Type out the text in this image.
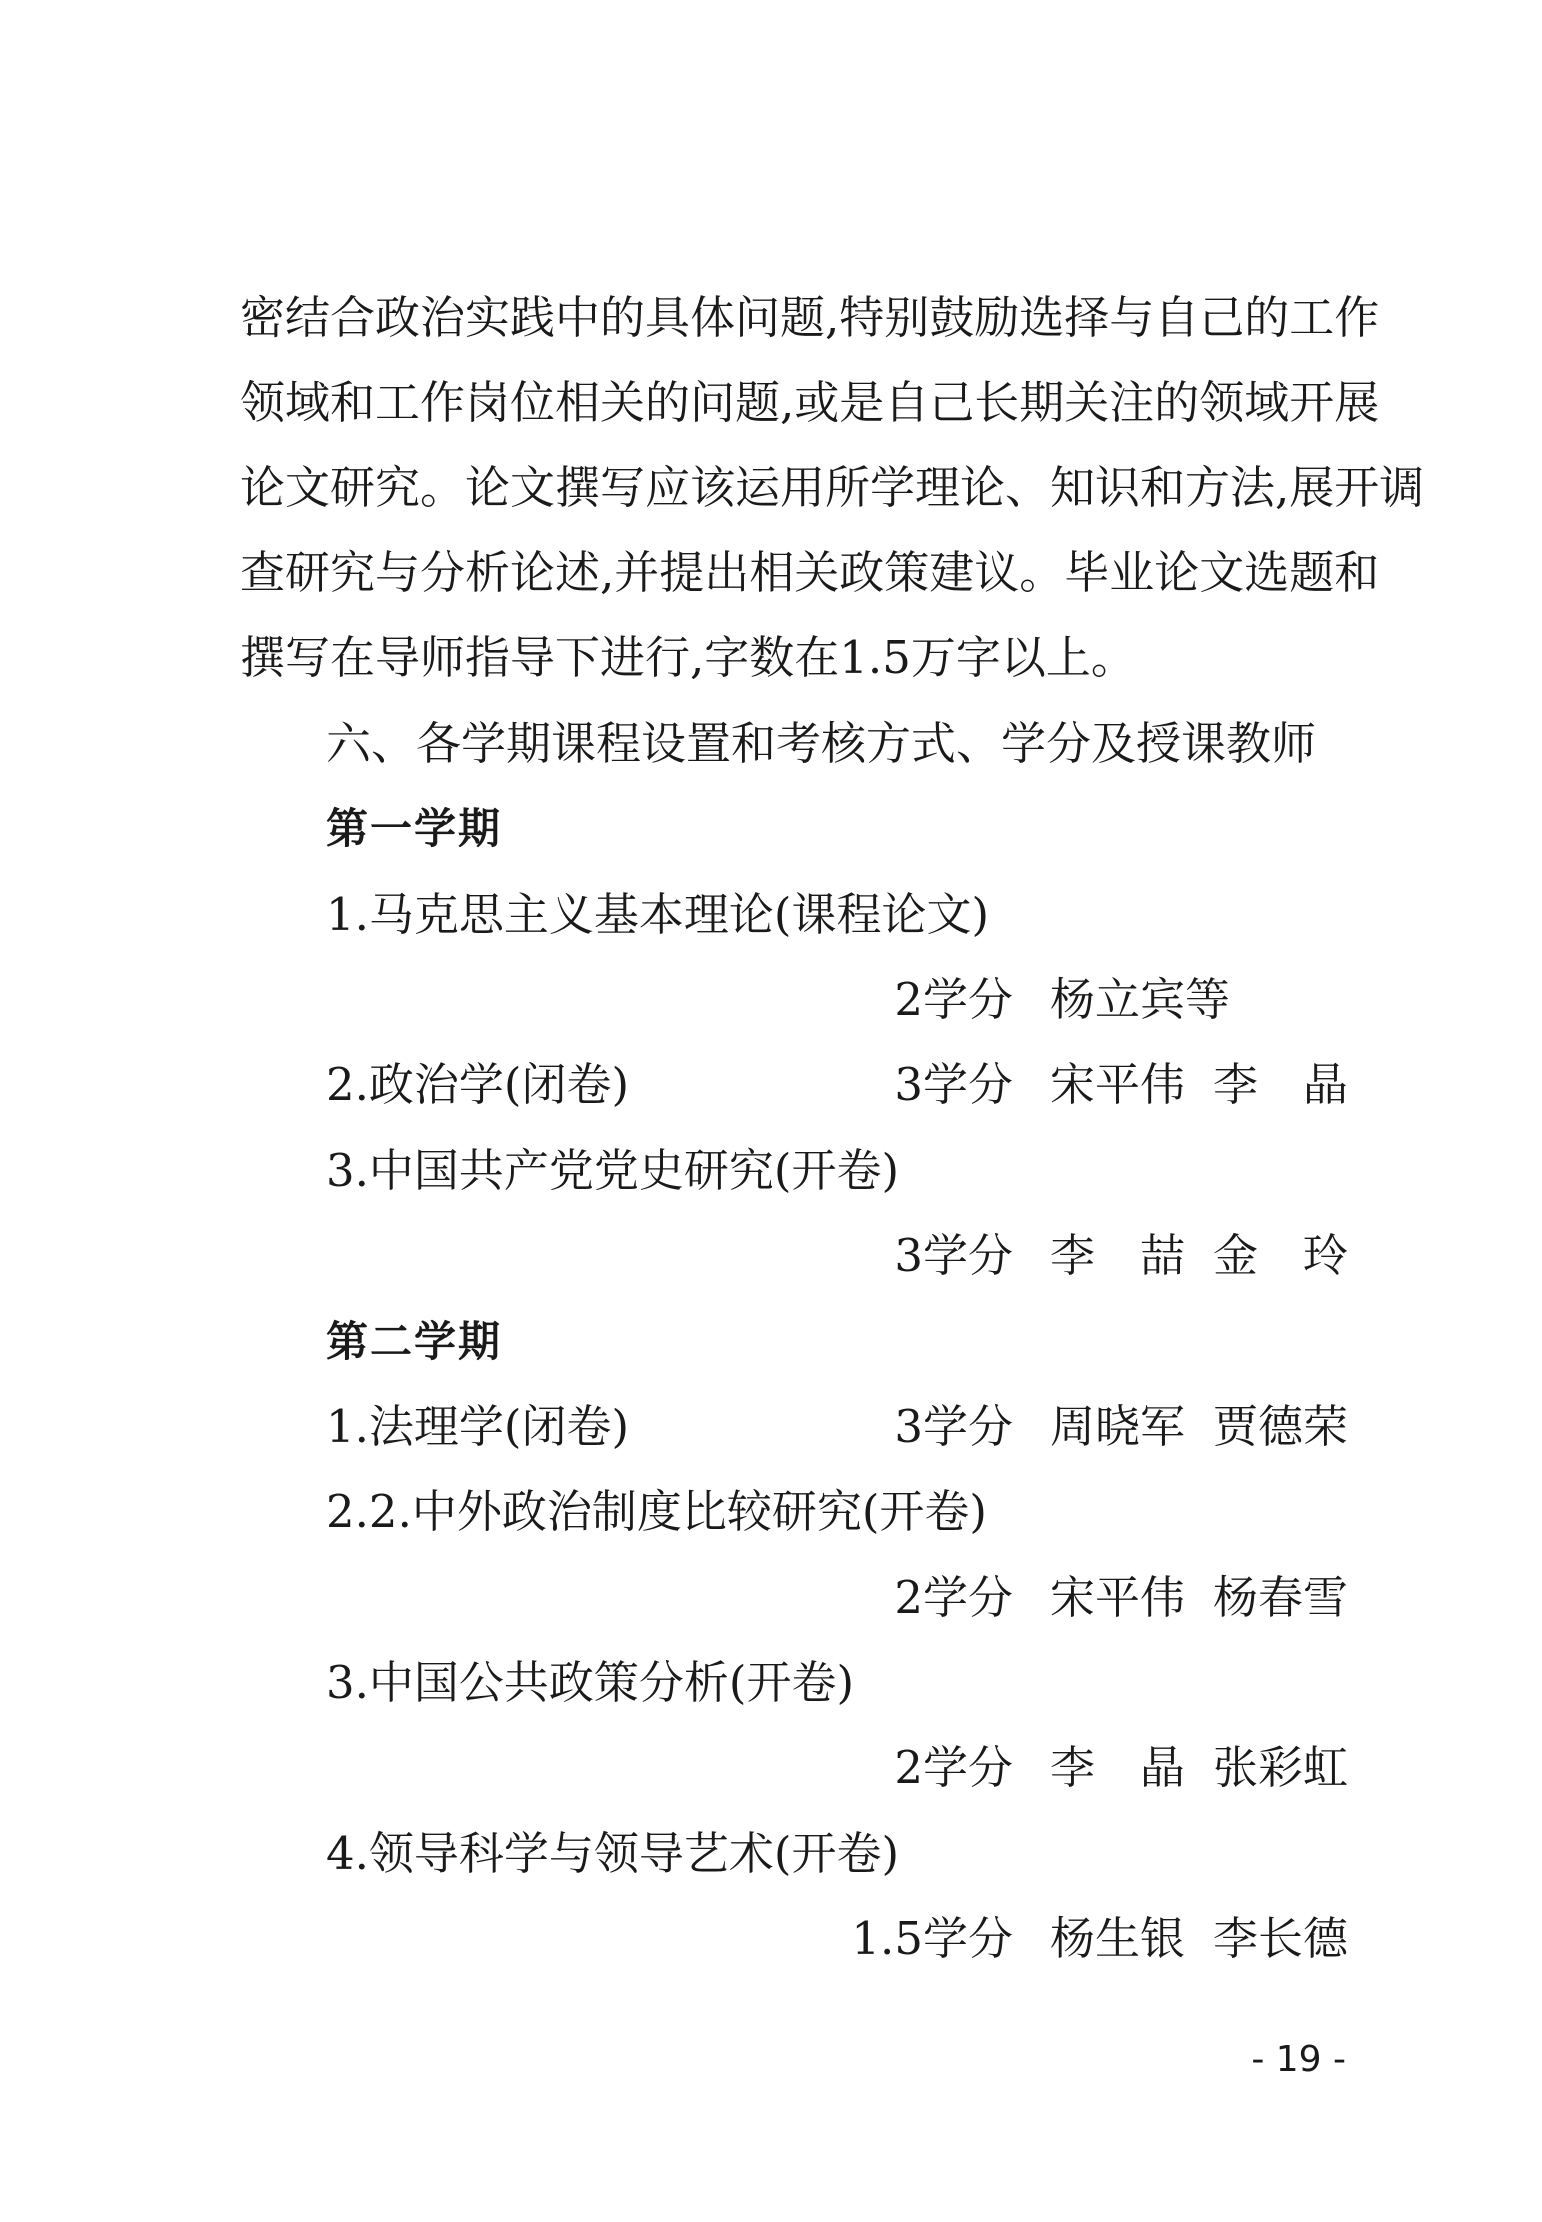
密结合政治实践中的具体问题,特别鼓励选择与自己的工作
领域和工作岗位相关的问题,或是自己长期关注的领域开展
论文研究。论文撰写应该运用所学理论、知识和方法,展开调
查研究与分析论述,并提出相关政策建议。毕业论文选题和
撰写在导师指导下进行,字数在1.5万字以上。
六、各学期课程设置和考核方式、学分及授课教师
第一学期
1.马克思主义基本理论(课程论文)
2学分 杨立宾等
2.政治学(闭卷)	3学分 宋平伟 李　晶
3.中国共产党党史研究(开卷)
3学分 李　喆 金　玲
第二学期
1.法理学(闭卷)	3学分 周晓军 贾德荣
2.2.中外政治制度比较研究(开卷)
2学分 宋平伟 杨春雪
3.中国公共政策分析(开卷)
2学分 李　晶 张彩虹
4.领导科学与领导艺术(开卷)
1.5学分 杨生银 李长德
- 19 -
